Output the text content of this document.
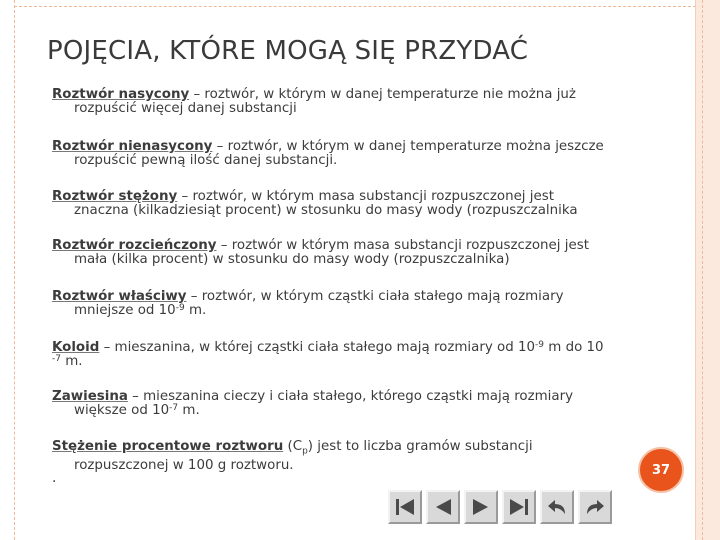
POJĘCIA, KTÓRE MOGĄ SIĘ PRZYDAĆ
Roztwór nasycony – roztwór, w którym w danej temperaturze nie można już
rozpuścić więcej danej substancji
Roztwór nienasycony – roztwór, w którym w danej temperaturze można jeszcze
rozpuścić pewną ilość danej substancji.
Roztwór stężony – roztwór, w którym masa substancji rozpuszczonej jest
znaczna (kilkadziesiąt procent) w stosunku do masy wody (rozpuszczalnika
Roztwór rozcieńczony – roztwór w którym masa substancji rozpuszczonej jest
mała (kilka procent) w stosunku do masy wody (rozpuszczalnika)
Roztwór właściwy – roztwór, w którym cząstki ciała stałego mają rozmiary
mniejsze od $10^{-9}$ m.
Koloid – mieszanina, w której cząstki ciała stałego mają rozmiary od $10^{-9}$ m do 10
$^{-7}$ m.
Zawiesina – mieszanina cieczy i ciała stałego, którego cząstki mają rozmiary
większe od $10^{-7}$ m.
Stężenie procentowe roztworu $(C_p)$ jest to liczba gramów substancji
rozpuszczonej w 100 g roztworu.
.	37
